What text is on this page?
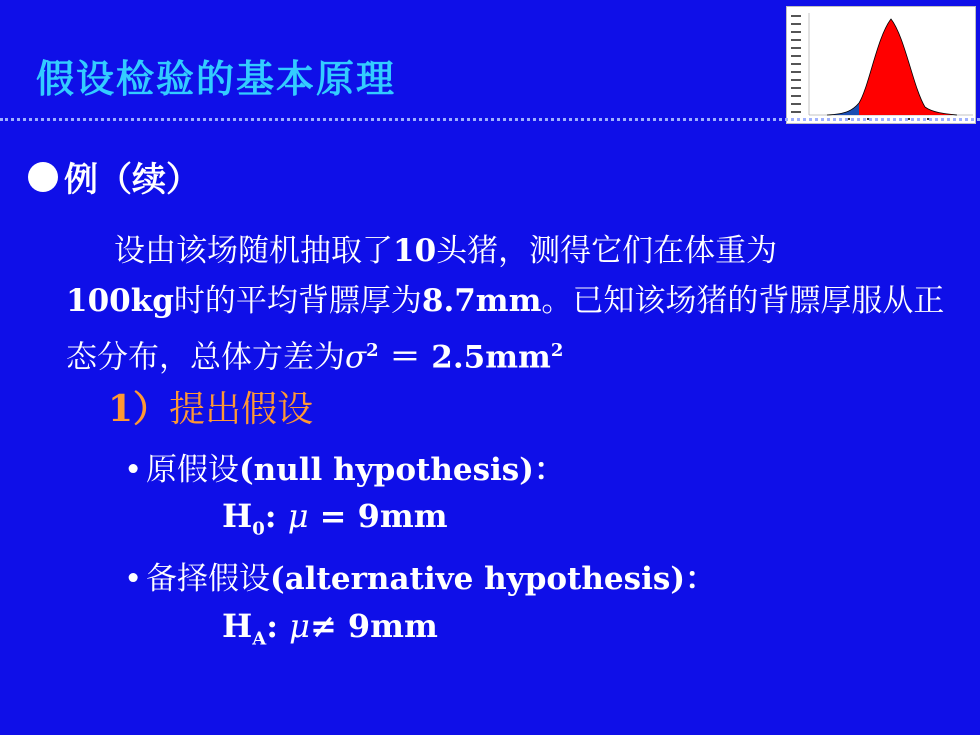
假设检验的基本原理
例（续）
设由该场随机抽取了10头猪，测得它们在体重为
100kg时的平均背膘厚为8.7mm。已知该场猪的背膘厚服从正态分布，总体方差为$\sigma^2 = 2.5mm^2$
1）提出假设
• 原假设(null hypothesis)：
$H_0$: μ = 9mm
• 备择假设(alternative hypothesis)：
$H_A$: μ≠ 9mm
